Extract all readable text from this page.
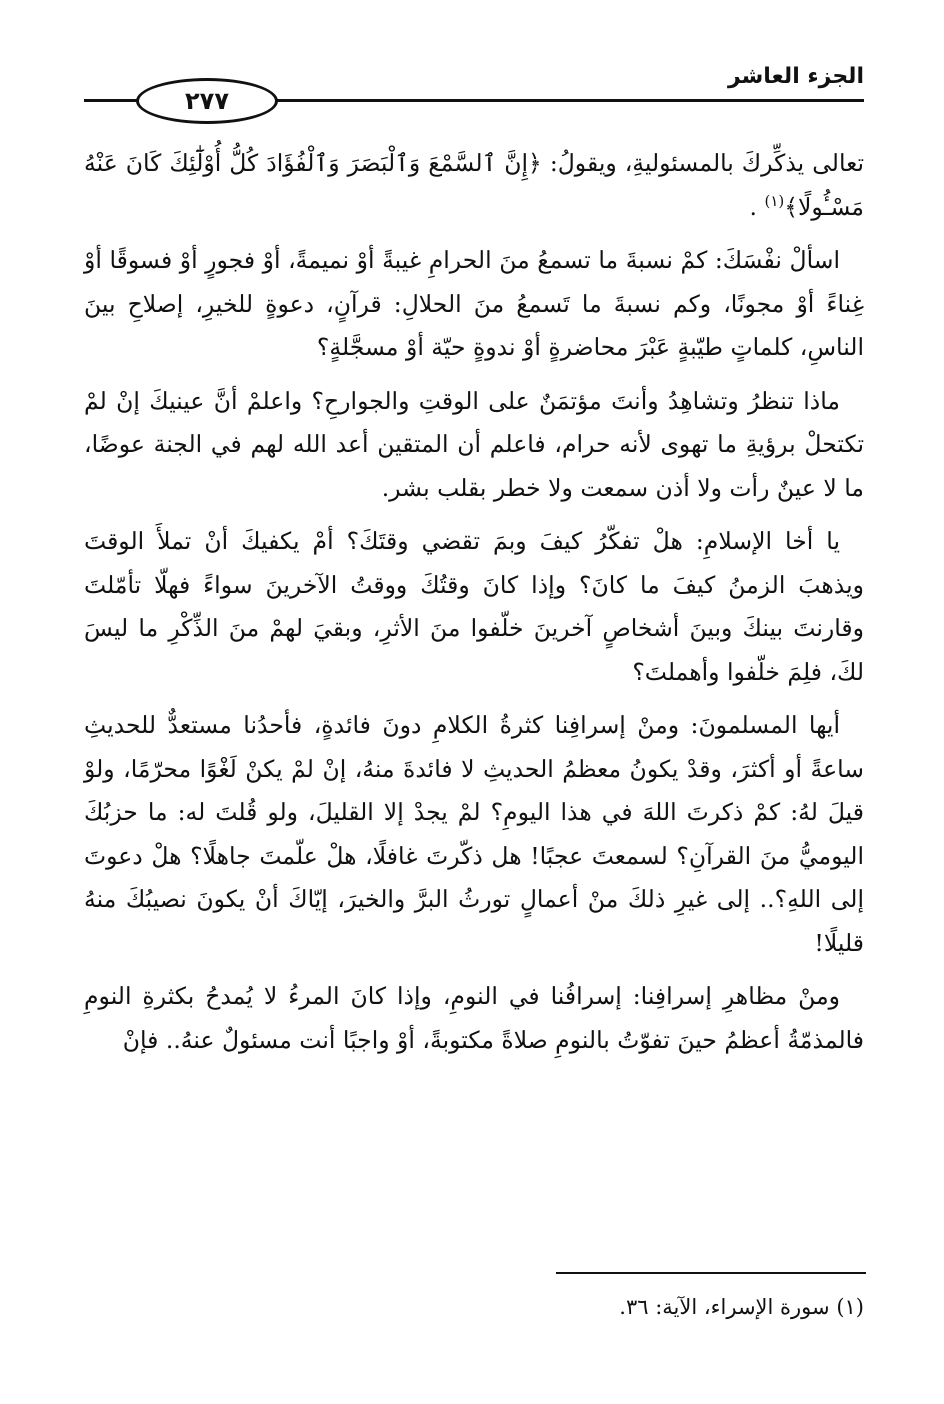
الجزء العاشر
٢٧٧

تعالى يذكِّركَ بالمسئوليةِ، ويقولُ: ﴿إِنَّ ٱلسَّمْعَ وَٱلْبَصَرَ وَٱلْفُؤَادَ كُلُّ أُوْلَٰٓئِكَ كَانَ عَنْهُ مَسْـُٔولًا﴾$^{(١)}$ .

اسألْ نفْسَكَ: كمْ نسبةَ ما تسمعُ منَ الحرامِ غيبةً أوْ نميمةً، أوْ فجورٍ أوْ فسوقًا أوْ غِناءً أوْ مجونًا، وكم نسبةَ ما تَسمعُ منَ الحلالِ: قرآنٍ، دعوةٍ للخيرِ، إصلاحِ بينَ الناسِ، كلماتٍ طيّبةٍ عَبْرَ محاضرةٍ أوْ ندوةٍ حيّة أوْ مسجَّلةٍ؟

ماذا تنظرُ وتشاهِدُ وأنتَ مؤتمَنٌ على الوقتِ والجوارحِ؟ واعلمْ أنَّ عينيكَ إنْ لمْ تكتحلْ برؤيةِ ما تهوى لأنه حرام، فاعلم أن المتقين أعد الله لهم في الجنة عوضًا، ما لا عينٌ رأت ولا أذن سمعت ولا خطر بقلب بشر.

يا أخا الإسلامِ: هلْ تفكّرُ كيفَ وبمَ تقضي وقتَكَ؟ أمْ يكفيكَ أنْ تملأَ الوقتَ ويذهبَ الزمنُ كيفَ ما كانَ؟ وإذا كانَ وقتُكَ ووقتُ الآخرينَ سواءً فهلّا تأمّلتَ وقارنتَ بينكَ وبينَ أشخاصٍ آخرينَ خلّفوا منَ الأثرِ، وبقيَ لهمْ منَ الذِّكْرِ ما ليسَ لكَ، فلِمَ خلّفوا وأهملتَ؟

أيها المسلمونَ: ومنْ إسرافِنا كثرةُ الكلامِ دونَ فائدةٍ، فأحدُنا مستعدٌّ للحديثِ ساعةً أو أكثرَ، وقدْ يكونُ معظمُ الحديثِ لا فائدةَ منهُ، إنْ لمْ يكنْ لَغْوًا محرّمًا، ولوْ قيلَ لهُ: كمْ ذكرتَ اللهَ في هذا اليومِ؟ لمْ يجدْ إلا القليلَ، ولو قُلتَ له: ما حزبُكَ اليوميُّ منَ القرآنِ؟ لسمعتَ عجبًا! هل ذكّرتَ غافلًا، هلْ علّمتَ جاهلًا؟ هلْ دعوتَ إلى اللهِ؟.. إلى غيرِ ذلكَ منْ أعمالٍ تورثُ البرَّ والخيرَ، إيّاكَ أنْ يكونَ نصيبُكَ منهُ قليلًا!

ومنْ مظاهرِ إسرافِنا: إسرافُنا في النومِ، وإذا كانَ المرءُ لا يُمدحُ بكثرةِ النومِ فالمذمّةُ أعظمُ حينَ تفوّتُ بالنومِ صلاةً مكتوبةً، أوْ واجبًا أنت مسئولٌ عنهُ.. فإنْ

(١) سورة الإسراء، الآية: ٣٦.
